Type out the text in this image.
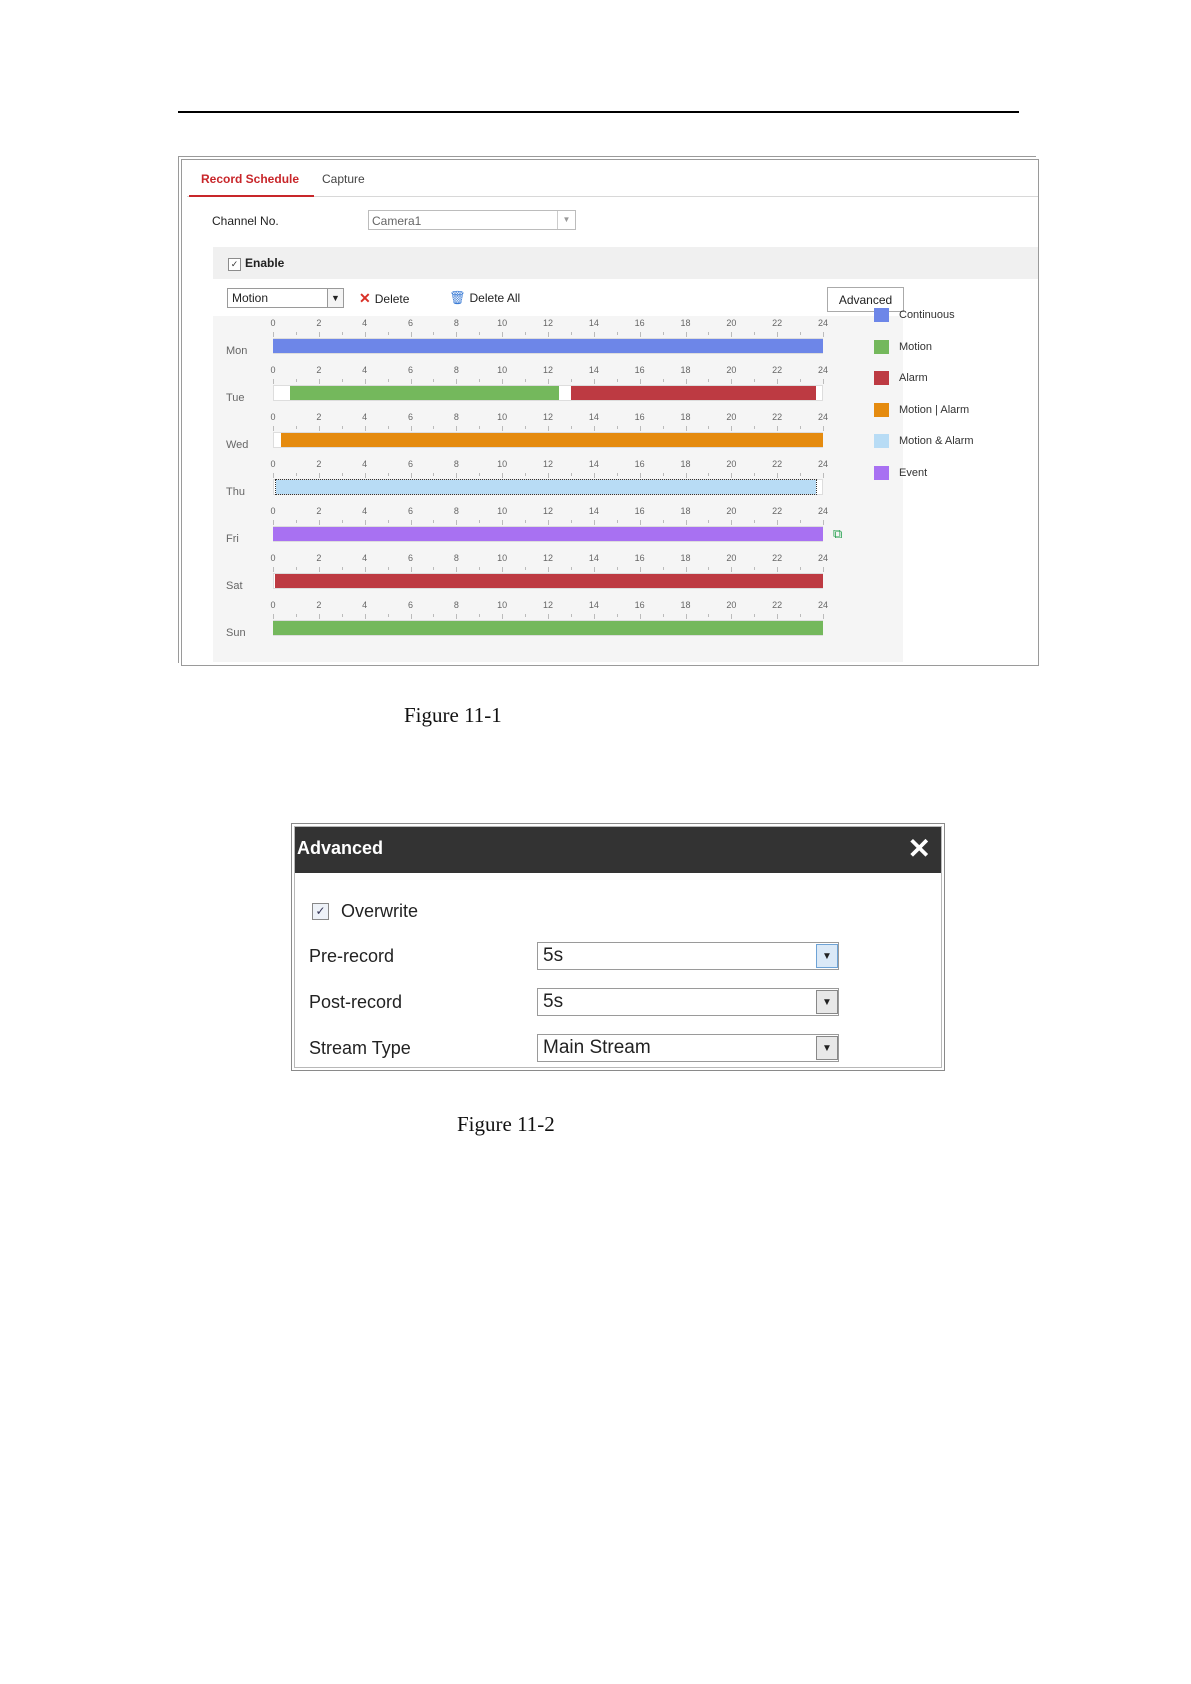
Record Schedule	Capture
Channel No.	Camera1	▼
✓ Enable
Motion	▼ ✕ Delete	🗑 Delete All	Advanced
Mon
0	2	4	6	8	10	12	14	16	18	20	22	24
Tue
0	2	4	6	8	10	12	14	16	18	20	22	24
Wed
0	2	4	6	8	10	12	14	16	18	20	22	24
Thu
0	2	4	6	8	10	12	14	16	18	20	22	24
Fri
0	2	4	6	8	10	12	14	16	18	20	22	24
⧉
Sat
0	2	4	6	8	10	12	14	16	18	20	22	24
Sun
0	2	4	6	8	10	12	14	16	18	20	22	24
Continuous
Motion
Alarm
Motion | Alarm
Motion & Alarm
Event
Figure 11-1
Advanced	✕
✓ Overwrite
Pre-record	5s	▼
Post-record	5s	▼
Stream Type	Main Stream	▼
Figure 11-2
